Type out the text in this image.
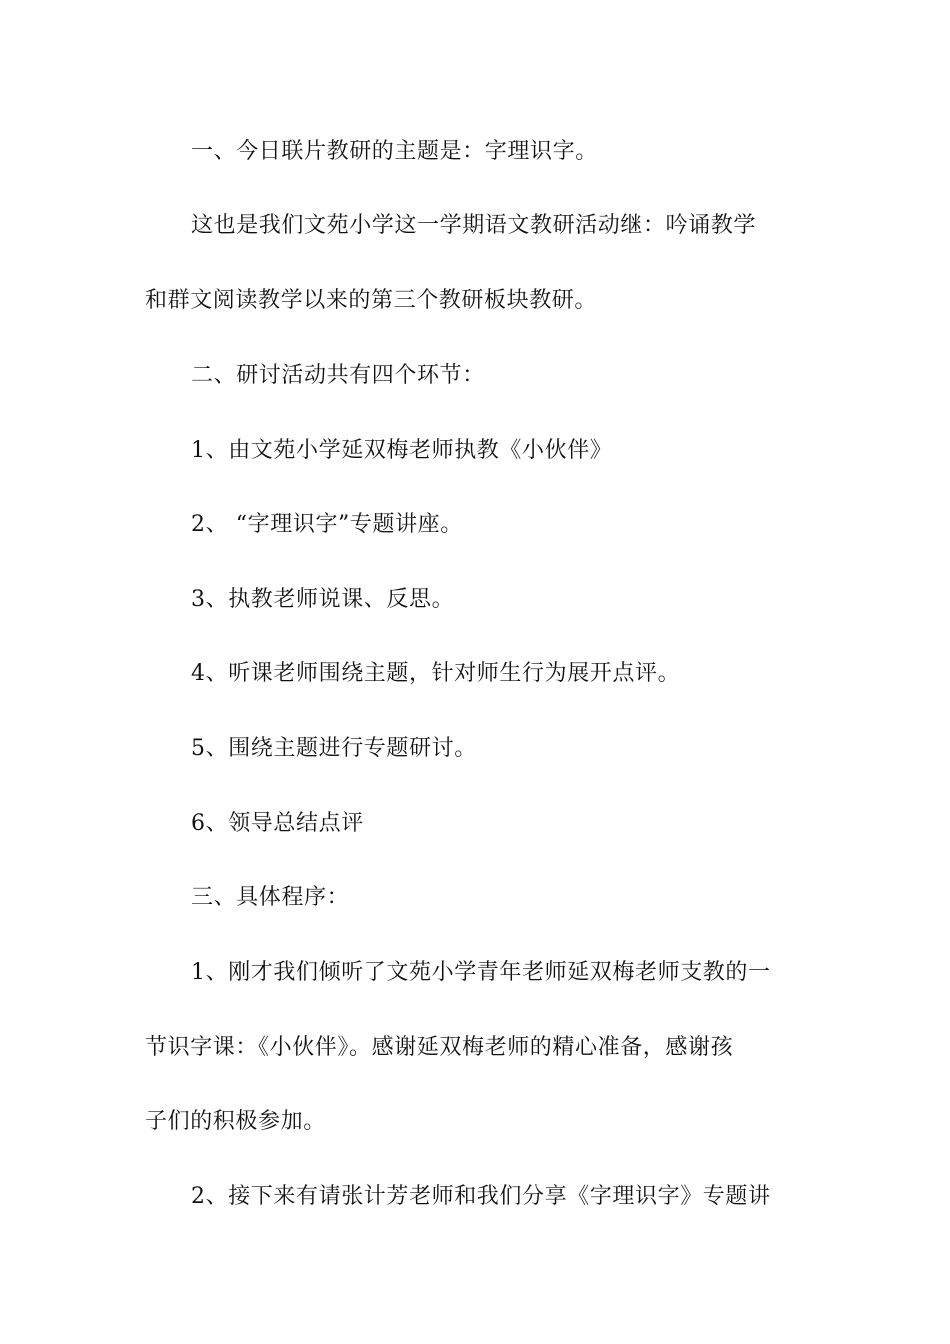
一、今日联片教研的主题是：字理识字。
这也是我们文苑小学这一学期语文教研活动继：吟诵教学
和群文阅读教学以来的第三个教研板块教研。
二、研讨活动共有四个环节：
1、由文苑小学延双梅老师执教《小伙伴》
2、 “字理识字”专题讲座。
3、执教老师说课、反思。
4、听课老师围绕主题，针对师生行为展开点评。
5、围绕主题进行专题研讨。
6、领导总结点评
三、具体程序：
1、刚才我们倾听了文苑小学青年老师延双梅老师支教的一
节识字课：《小伙伴》。感谢延双梅老师的精心准备，感谢孩
子们的积极参加。
2、接下来有请张计芳老师和我们分享《字理识字》专题讲
